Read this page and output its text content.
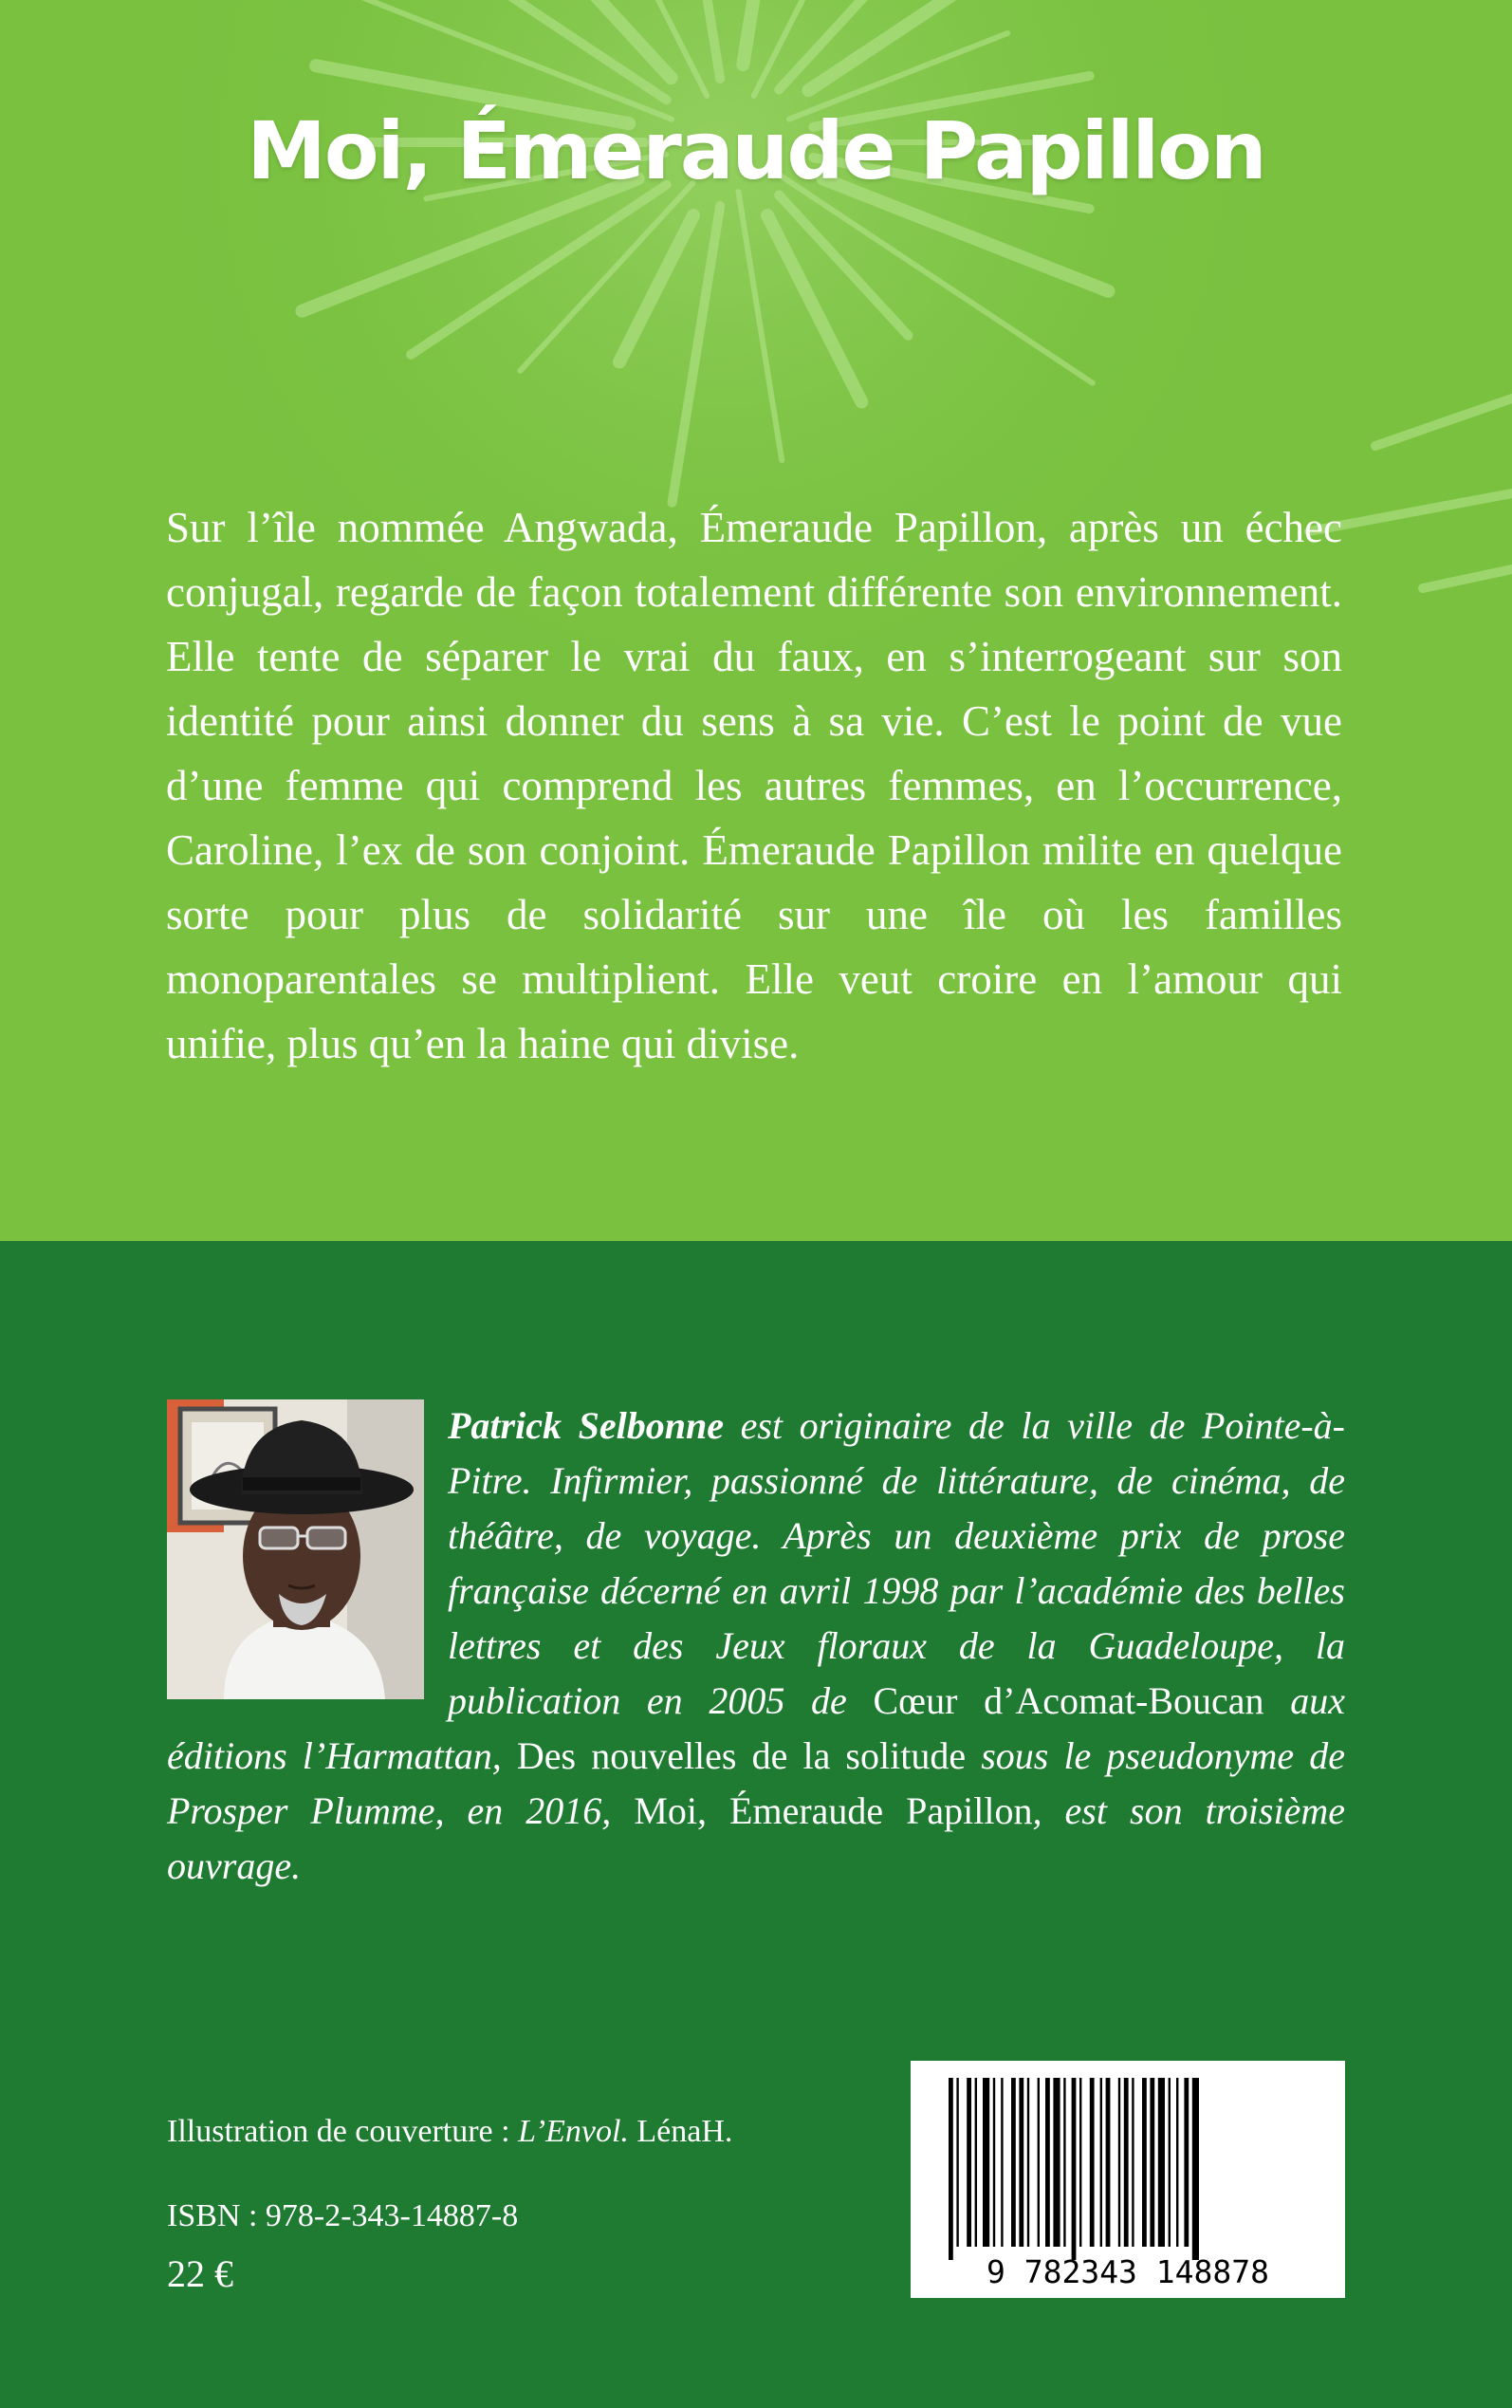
Moi, Émeraude Papillon

Sur l’île nommée Angwada, Émeraude Papillon, après un échec conjugal, regarde de façon totalement différente son environnement. Elle tente de séparer le vrai du faux, en s’interrogeant sur son identité pour ainsi donner du sens à sa vie. C’est le point de vue d’une femme qui comprend les autres femmes, en l’occurrence, Caroline, l’ex de son conjoint. Émeraude Papillon milite en quelque sorte pour plus de solidarité sur une île où les familles monoparentales se multiplient. Elle veut croire en l’amour qui unifie, plus qu’en la haine qui divise.

Patrick Selbonne est originaire de la ville de Pointe-à-Pitre. Infirmier, passionné de littérature, de cinéma, de théâtre, de voyage. Après un deuxième prix de prose française décerné en avril 1998 par l’académie des belles lettres et des Jeux floraux de la Guadeloupe, la publication en 2005 de Cœur d’Acomat-Boucan aux éditions l’Harmattan, Des nouvelles de la solitude sous le pseudonyme de Prosper Plumme, en 2016, Moi, Émeraude Papillon, est son troisième ouvrage.

Illustration de couverture : L’Envol. LénaH.

ISBN : 978-2-343-14887-8

22 €	9 782343 148878
